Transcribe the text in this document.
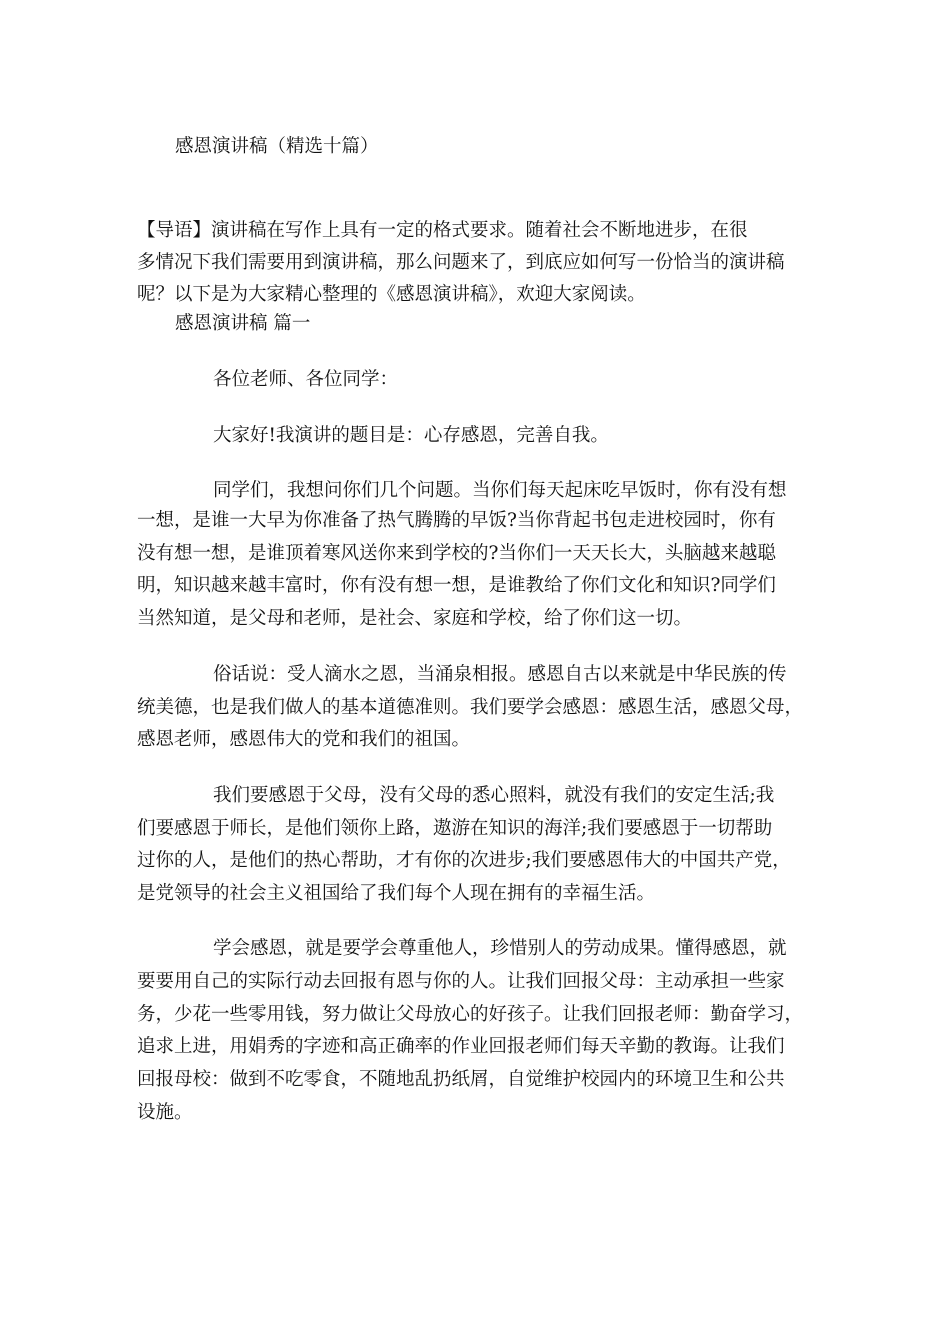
感恩演讲稿（精选十篇）
【导语】演讲稿在写作上具有一定的格式要求。随着社会不断地进步，在很
多情况下我们需要用到演讲稿，那么问题来了，到底应如何写一份恰当的演讲稿
呢？以下是为大家精心整理的《感恩演讲稿》，欢迎大家阅读。
感恩演讲稿 篇一
各位老师、各位同学：
大家好!我演讲的题目是：心存感恩，完善自我。
同学们，我想问你们几个问题。当你们每天起床吃早饭时，你有没有想
一想，是谁一大早为你准备了热气腾腾的早饭?当你背起书包走进校园时，你有
没有想一想，是谁顶着寒风送你来到学校的?当你们一天天长大，头脑越来越聪
明，知识越来越丰富时，你有没有想一想，是谁教给了你们文化和知识?同学们
当然知道，是父母和老师，是社会、家庭和学校，给了你们这一切。
俗话说：受人滴水之恩，当涌泉相报。感恩自古以来就是中华民族的传
统美德，也是我们做人的基本道德准则。我们要学会感恩：感恩生活，感恩父母，
感恩老师，感恩伟大的党和我们的祖国。
我们要感恩于父母，没有父母的悉心照料，就没有我们的安定生活;我
们要感恩于师长，是他们领你上路，遨游在知识的海洋;我们要感恩于一切帮助
过你的人，是他们的热心帮助，才有你的次进步;我们要感恩伟大的中国共产党，
是党领导的社会主义祖国给了我们每个人现在拥有的幸福生活。
学会感恩，就是要学会尊重他人，珍惜别人的劳动成果。懂得感恩，就
要要用自己的实际行动去回报有恩与你的人。让我们回报父母：主动承担一些家
务，少花一些零用钱，努力做让父母放心的好孩子。让我们回报老师：勤奋学习，
追求上进，用娟秀的字迹和高正确率的作业回报老师们每天辛勤的教诲。让我们
回报母校：做到不吃零食，不随地乱扔纸屑，自觉维护校园内的环境卫生和公共
设施。
